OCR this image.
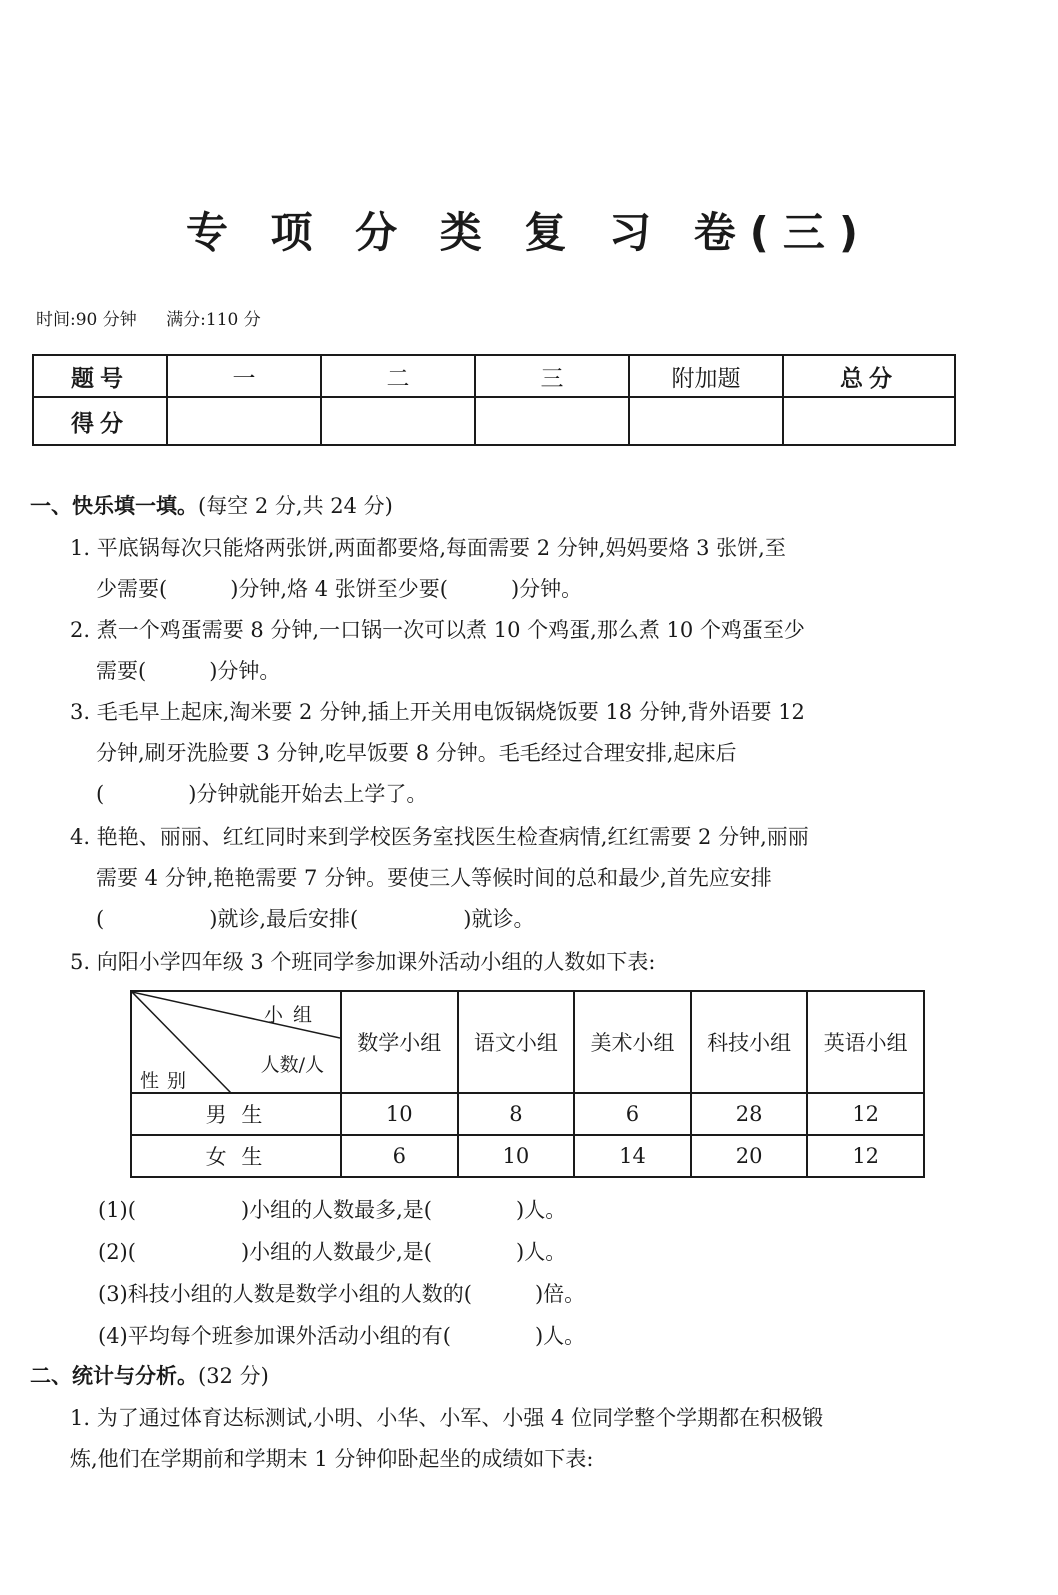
专 项 分 类 复 习 卷(三)
时间:90 分钟 满分:110 分
题号	一	二	三	附加题	总分
得分					
一、快乐填一填。(每空 2 分,共 24 分)
1. 平底锅每次只能烙两张饼,两面都要烙,每面需要 2 分钟,妈妈要烙 3 张饼,至
少需要(　　　)分钟,烙 4 张饼至少要(　　　)分钟。
2. 煮一个鸡蛋需要 8 分钟,一口锅一次可以煮 10 个鸡蛋,那么煮 10 个鸡蛋至少
需要(　　　)分钟。
3. 毛毛早上起床,淘米要 2 分钟,插上开关用电饭锅烧饭要 18 分钟,背外语要 12
分钟,刷牙洗脸要 3 分钟,吃早饭要 8 分钟。毛毛经过合理安排,起床后
(　　　　)分钟就能开始去上学了。
4. 艳艳、丽丽、红红同时来到学校医务室找医生检查病情,红红需要 2 分钟,丽丽
需要 4 分钟,艳艳需要 7 分钟。要使三人等候时间的总和最少,首先应安排
(　　　　　)就诊,最后安排(　　　　　)就诊。
5. 向阳小学四年级 3 个班同学参加课外活动小组的人数如下表:
小组
人数/人
性别	数学小组	语文小组	美术小组	科技小组	英语小组
男 生	10	8	6	28	12
女 生	6	10	14	20	12
(1)(　　　　　)小组的人数最多,是(　　　　)人。
(2)(　　　　　)小组的人数最少,是(　　　　)人。
(3)科技小组的人数是数学小组的人数的(　　　)倍。
(4)平均每个班参加课外活动小组的有(　　　　)人。
二、统计与分析。(32 分)
1. 为了通过体育达标测试,小明、小华、小军、小强 4 位同学整个学期都在积极锻
炼,他们在学期前和学期末 1 分钟仰卧起坐的成绩如下表:
